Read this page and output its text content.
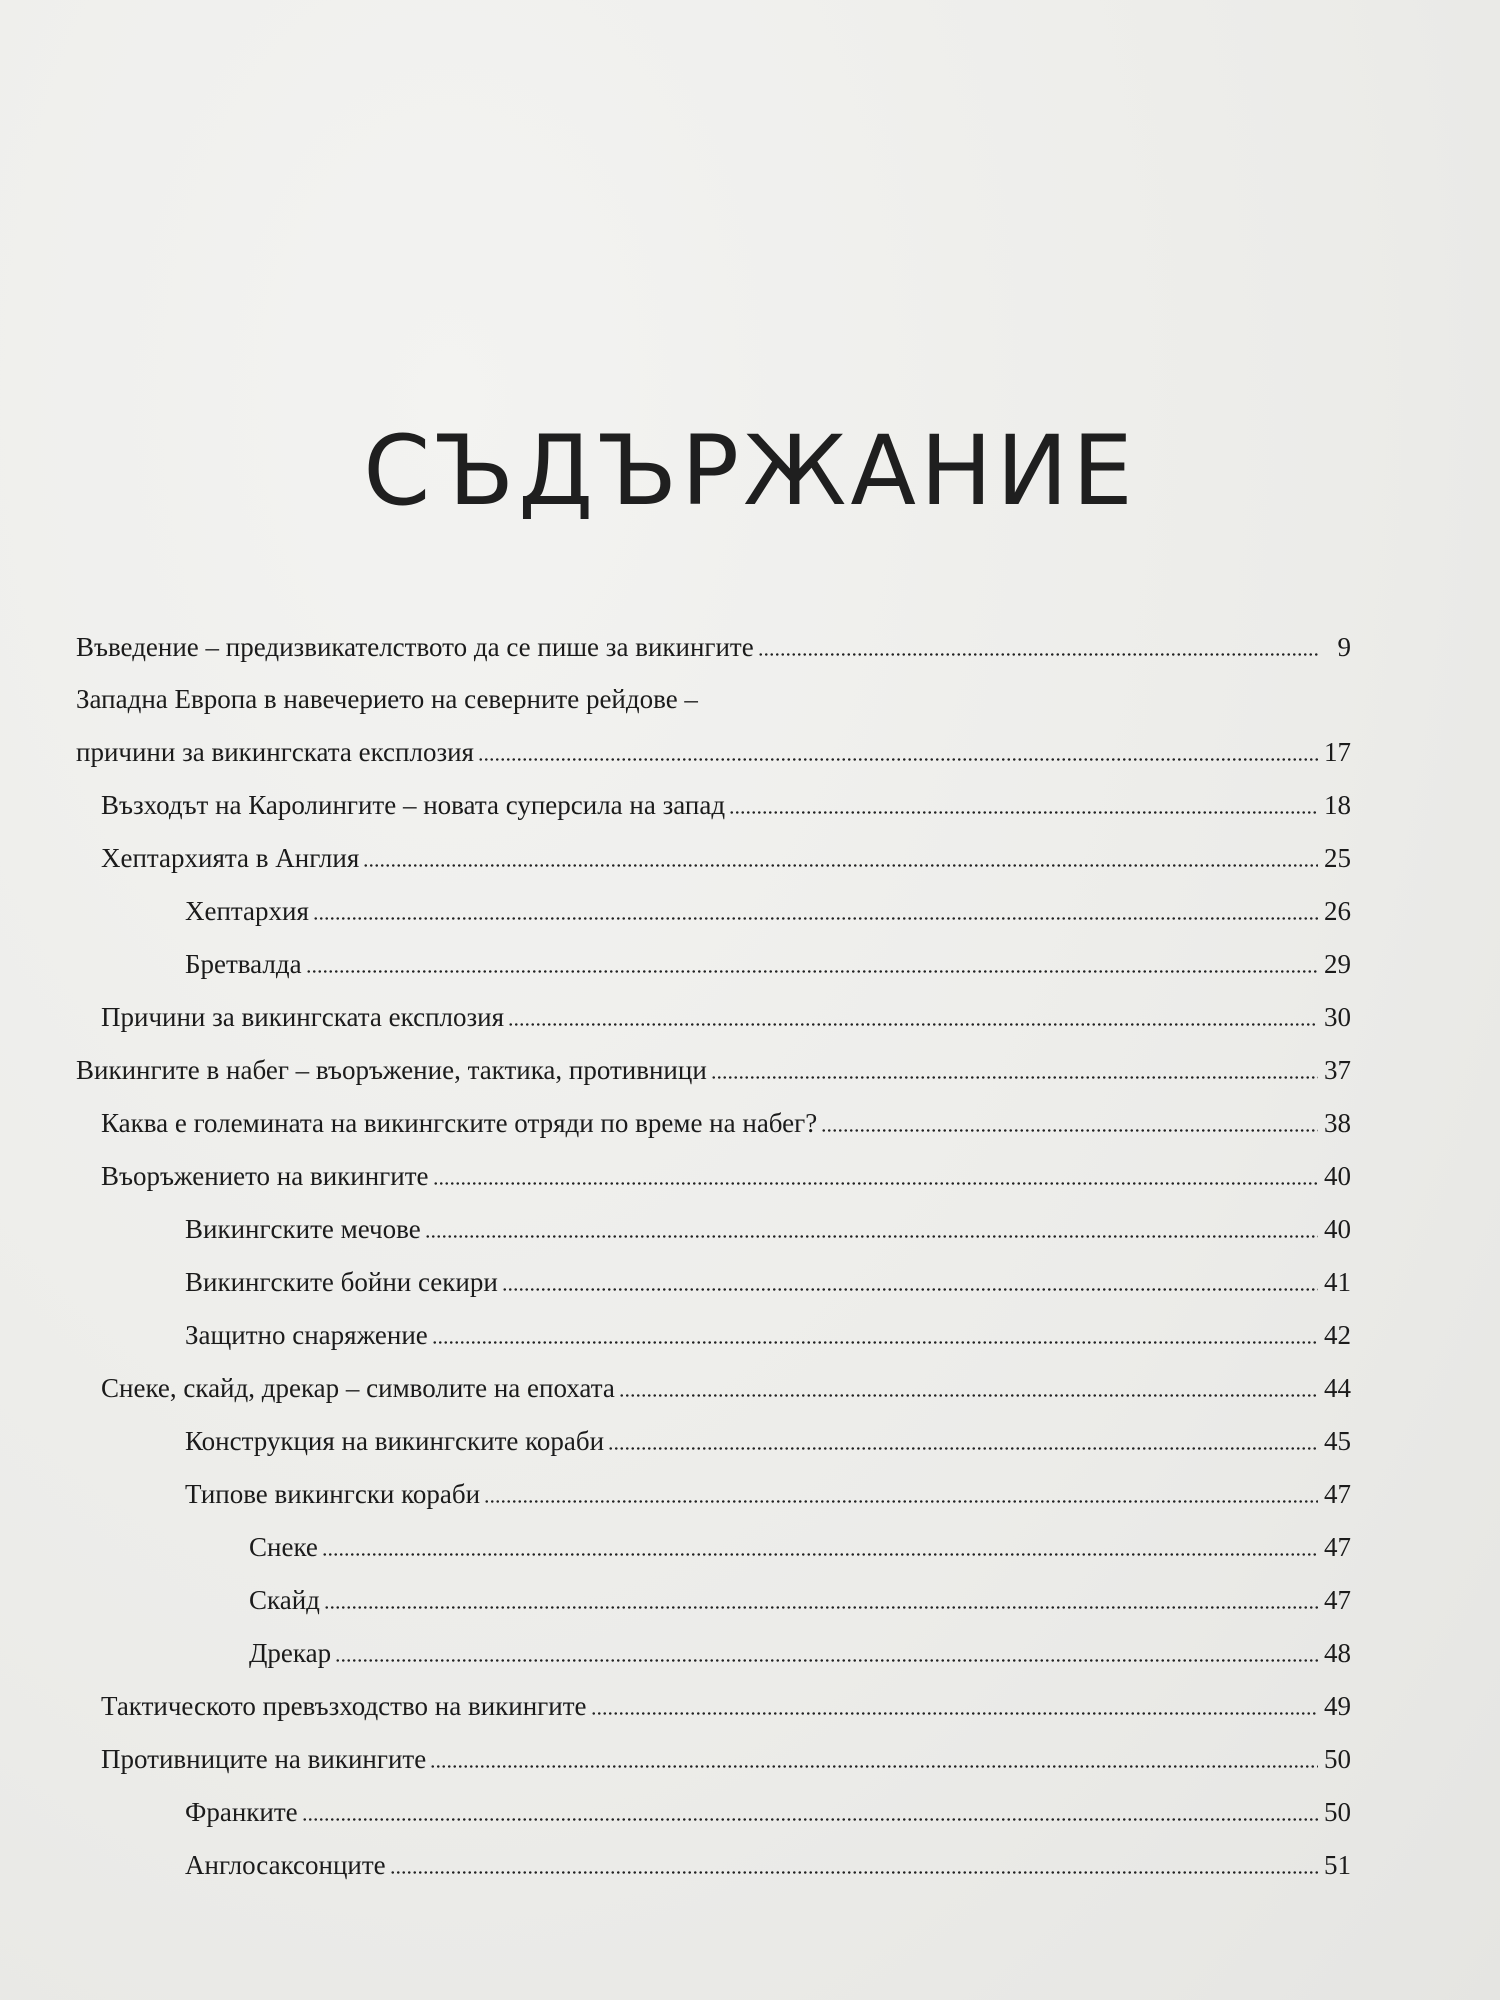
СЪДЪРЖАНИЕ
Въведение – предизвикателството да се пише за викингите	9
Западна Европа в навечерието на северните рейдове –
причини за викингската експлозия	17
Възходът на Каролингите – новата суперсила на запад	18
Хептархията в Англия	25
Хептархия	26
Бретвалда	29
Причини за викингската експлозия	30
Викингите в набег – въоръжение, тактика, противници	37
Каква е големината на викингските отряди по време на набег?	38
Въоръжението на викингите	40
Викингските мечове	40
Викингските бойни секири	41
Защитно снаряжение	42
Снеке, скайд, дрекар – символите на епохата	44
Конструкция на викингските кораби	45
Типове викингски кораби	47
Снеке	47
Скайд	47
Дрекар	48
Тактическото превъзходство на викингите	49
Противниците на викингите	50
Франките	50
Англосаксонците	51
